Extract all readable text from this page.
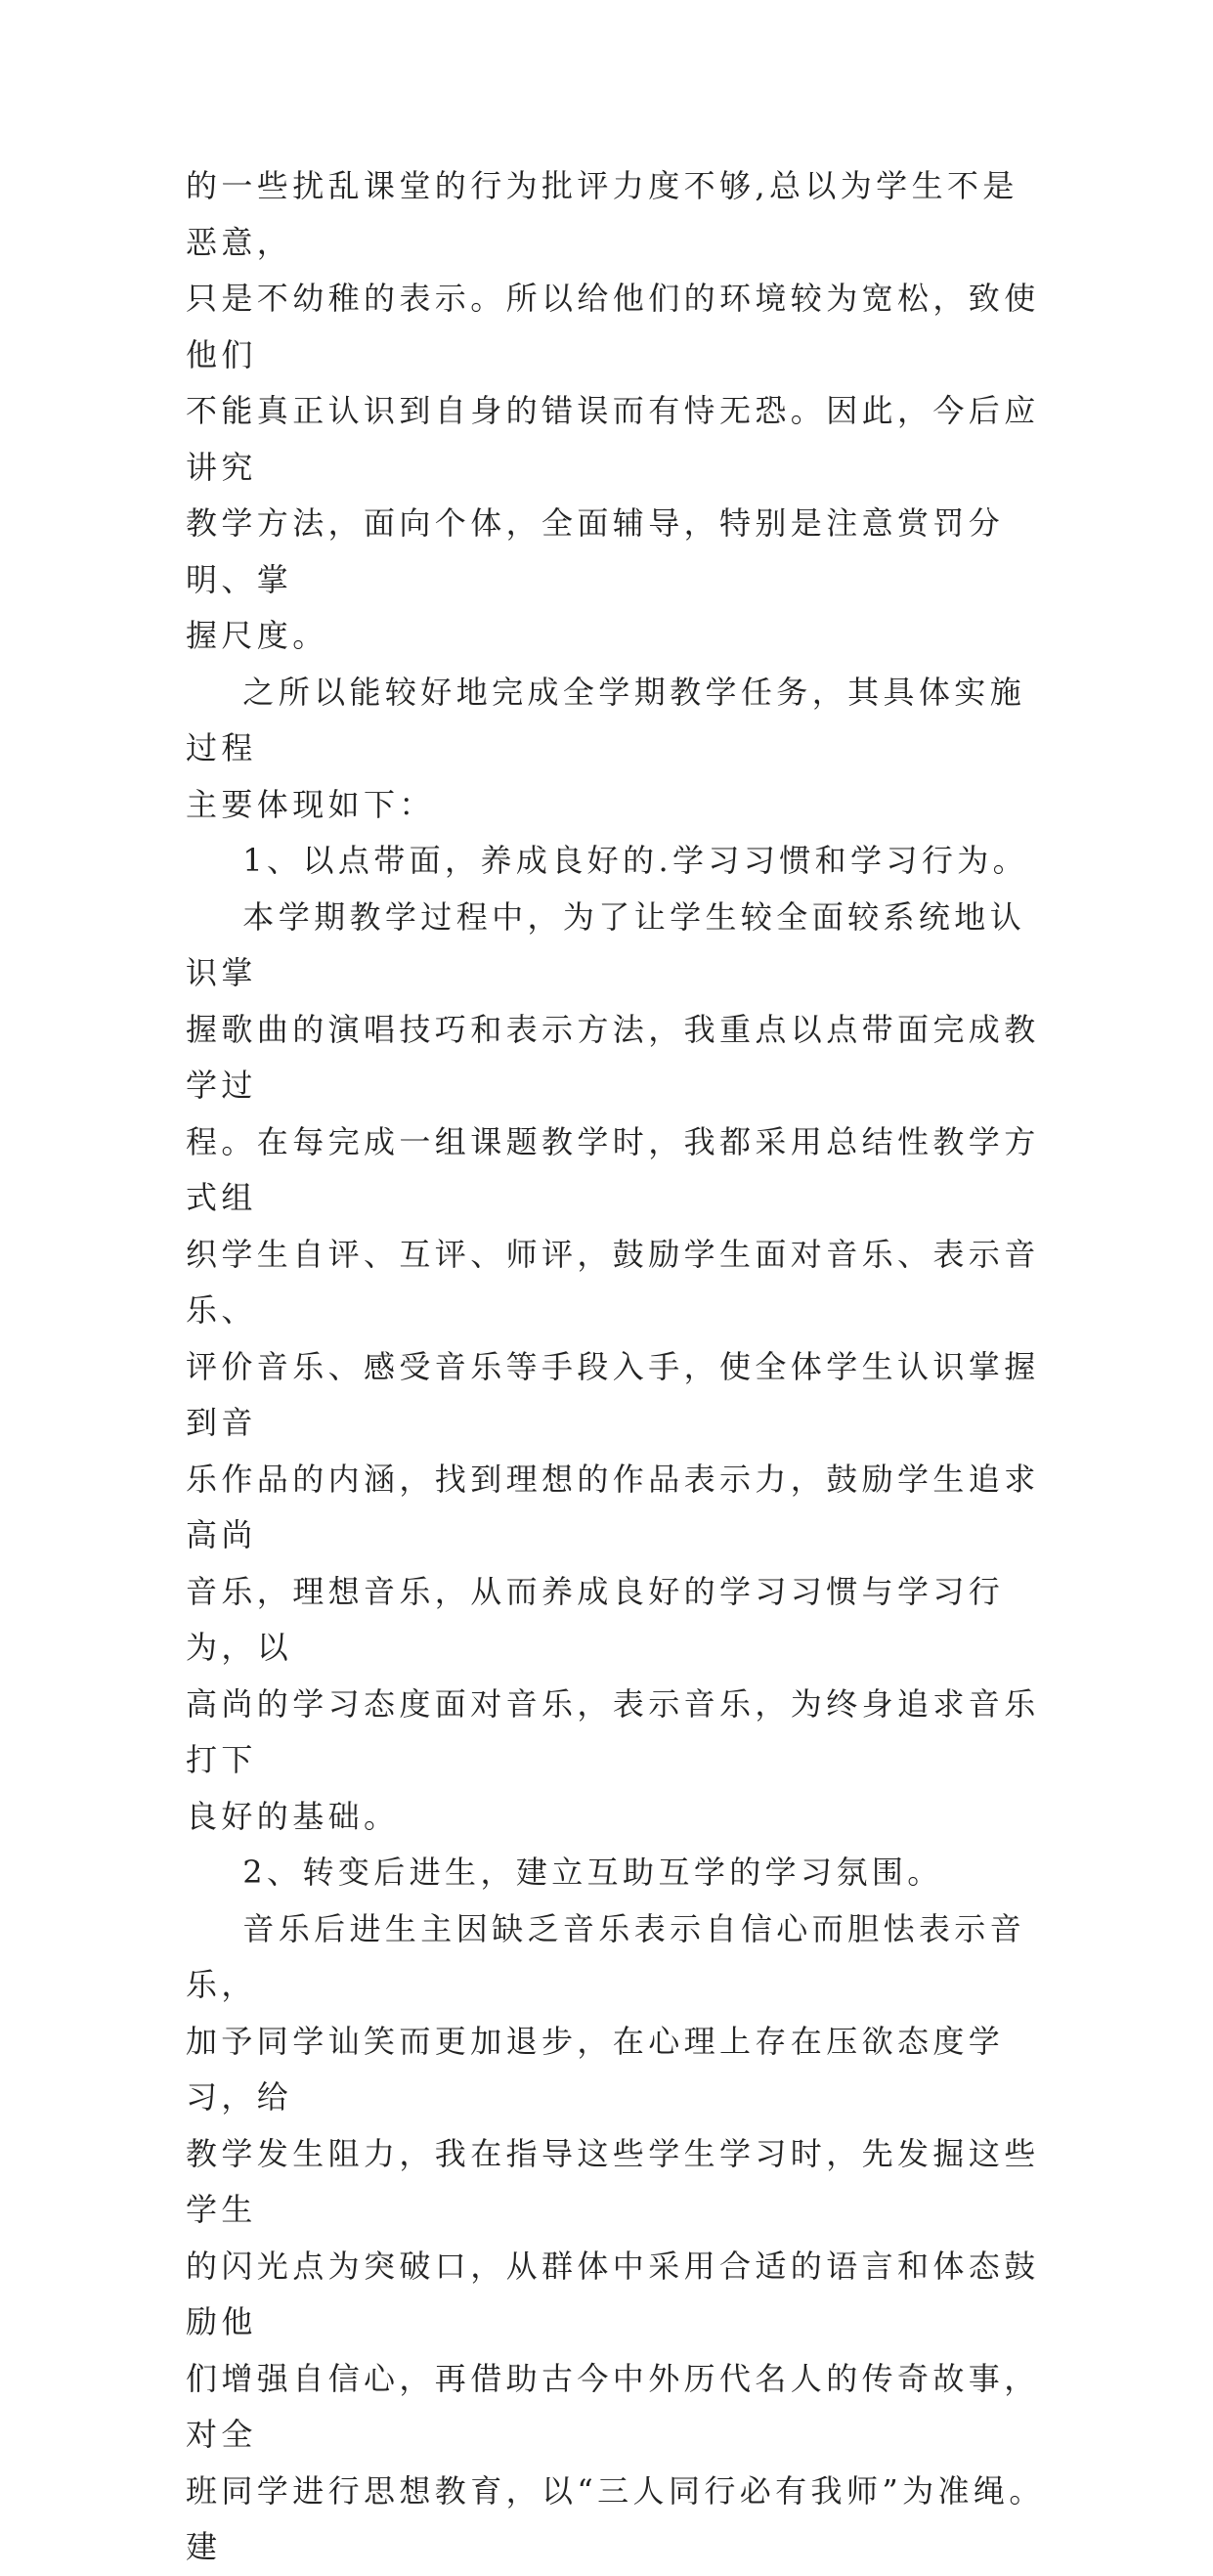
的一些扰乱课堂的行为批评力度不够,总以为学生不是恶意，

只是不幼稚的表示。所以给他们的环境较为宽松，致使他们

不能真正认识到自身的错误而有恃无恐。因此，今后应讲究

教学方法，面向个体，全面辅导，特别是注意赏罚分明、掌

握尺度。

之所以能较好地完成全学期教学任务，其具体实施过程

主要体现如下：

1、以点带面，养成良好的.学习习惯和学习行为。

本学期教学过程中，为了让学生较全面较系统地认识掌

握歌曲的演唱技巧和表示方法，我重点以点带面完成教学过

程。在每完成一组课题教学时，我都采用总结性教学方式组

织学生自评、互评、师评，鼓励学生面对音乐、表示音乐、

评价音乐、感受音乐等手段入手，使全体学生认识掌握到音

乐作品的内涵，找到理想的作品表示力，鼓励学生追求高尚

音乐，理想音乐，从而养成良好的学习习惯与学习行为，以

高尚的学习态度面对音乐，表示音乐，为终身追求音乐打下

良好的基础。

2、转变后进生，建立互助互学的学习氛围。

音乐后进生主因缺乏音乐表示自信心而胆怯表示音乐，

加予同学讪笑而更加退步，在心理上存在压欲态度学习，给

教学发生阻力，我在指导这些学生学习时，先发掘这些学生

的闪光点为突破口，从群体中采用合适的语言和体态鼓励他

们增强自信心，再借助古今中外历代名人的传奇故事，对全

班同学进行思想教育，以“三人同行必有我师”为准绳。建
